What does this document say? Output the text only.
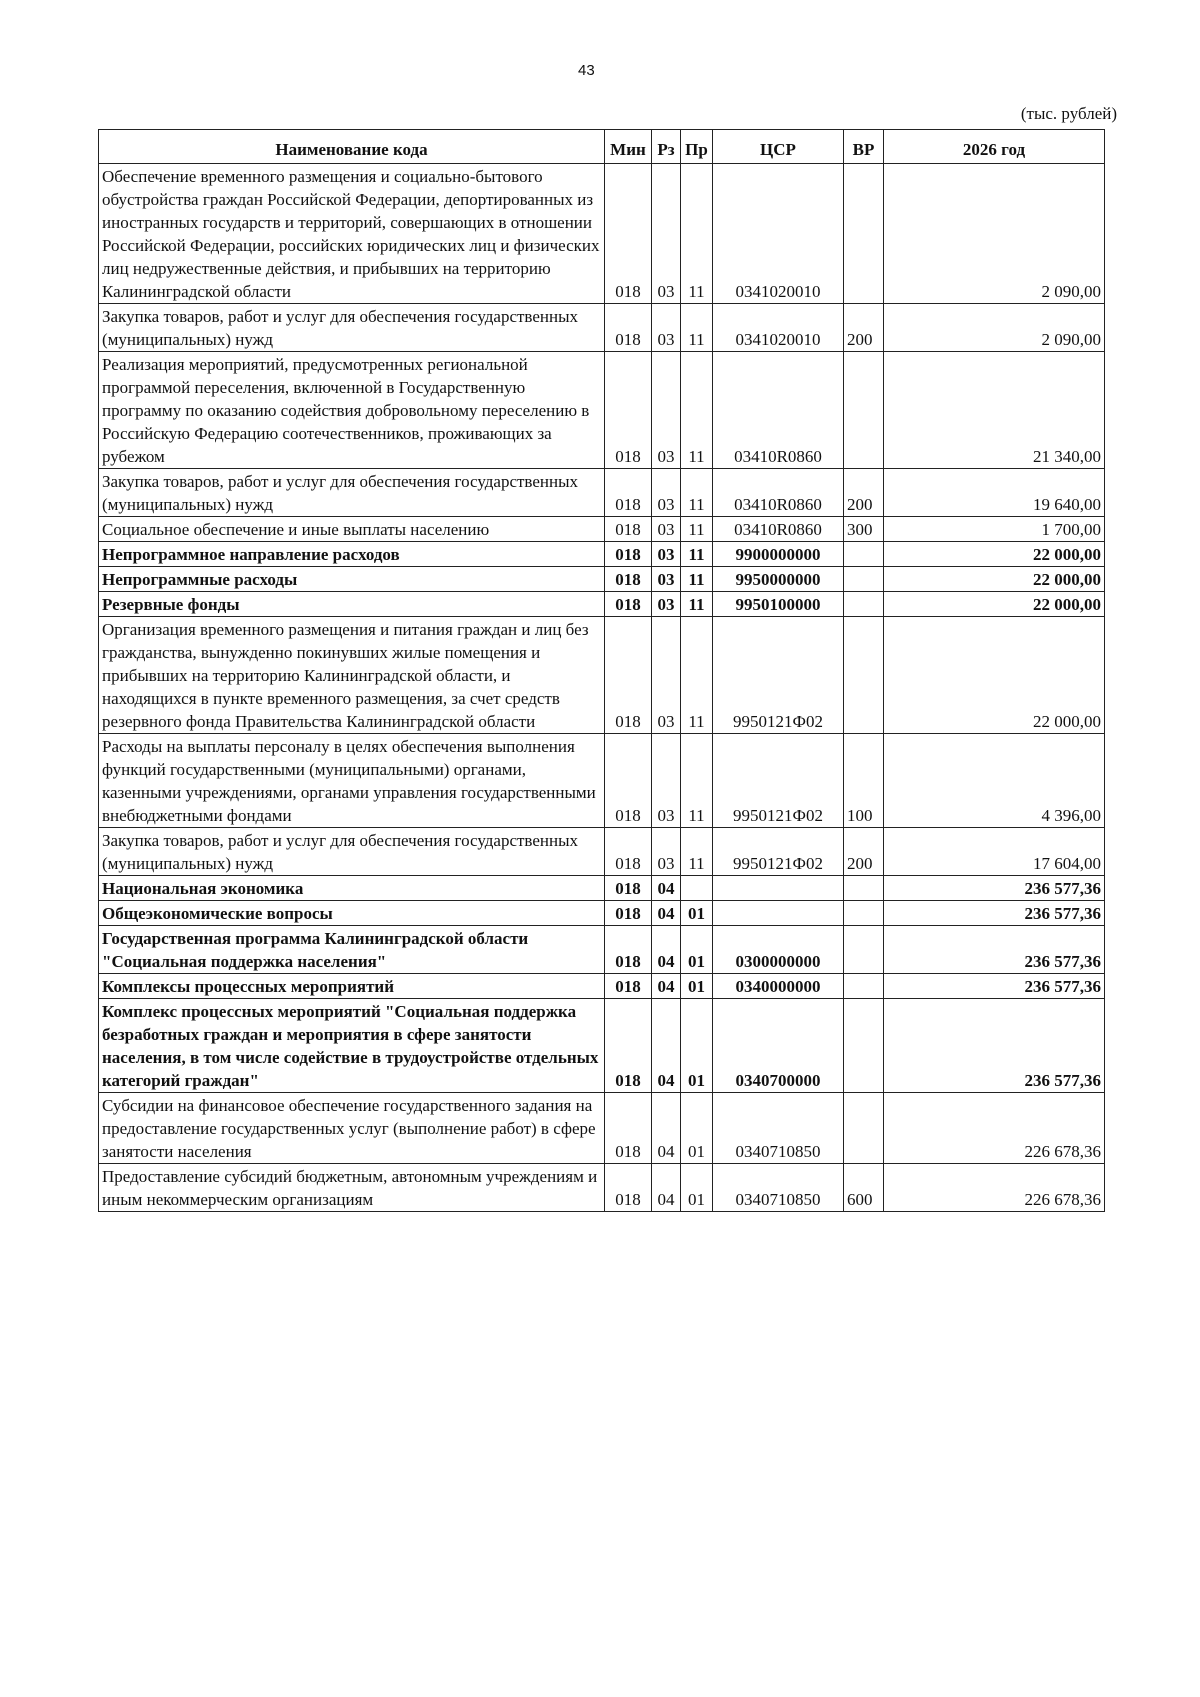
43
(тыс. рублей)
Наименование кода	Мин	Рз	Пр	ЦСР	ВР	2026 год
Обеспечение временного размещения и социально-бытового обустройства граждан Российской Федерации, депортированных из иностранных государств и территорий, совершающих в отношении Российской Федерации, российских юридических лиц и физических лиц недружественные действия, и прибывших на территорию Калининградской области	018	03	11	0341020010		2 090,00
Закупка товаров, работ и услуг для обеспечения государственных (муниципальных) нужд	018	03	11	0341020010	200	2 090,00
Реализация мероприятий, предусмотренных региональной программой переселения, включенной в Государственную программу по оказанию содействия добровольному переселению в Российскую Федерацию соотечественников, проживающих за рубежом	018	03	11	03410R0860		21 340,00
Закупка товаров, работ и услуг для обеспечения государственных (муниципальных) нужд	018	03	11	03410R0860	200	19 640,00
Социальное обеспечение и иные выплаты населению	018	03	11	03410R0860	300	1 700,00
Непрограммное направление расходов	018	03	11	9900000000		22 000,00
Непрограммные расходы	018	03	11	9950000000		22 000,00
Резервные фонды	018	03	11	9950100000		22 000,00
Организация временного размещения и питания граждан и лиц без гражданства, вынужденно покинувших жилые помещения и прибывших на территорию Калининградской области, и находящихся в пункте временного размещения, за счет средств резервного фонда Правительства Калининградской области	018	03	11	9950121Ф02		22 000,00
Расходы на выплаты персоналу в целях обеспечения выполнения функций государственными (муниципальными) органами, казенными учреждениями, органами управления государственными внебюджетными фондами	018	03	11	9950121Ф02	100	4 396,00
Закупка товаров, работ и услуг для обеспечения государственных (муниципальных) нужд	018	03	11	9950121Ф02	200	17 604,00
Национальная экономика	018	04				236 577,36
Общеэкономические вопросы	018	04	01			236 577,36
Государственная программа Калининградской области "Социальная поддержка населения"	018	04	01	0300000000		236 577,36
Комплексы процессных мероприятий	018	04	01	0340000000		236 577,36
Комплекс процессных мероприятий "Социальная поддержка безработных граждан и мероприятия в сфере занятости населения, в том числе содействие в трудоустройстве отдельных категорий граждан"	018	04	01	0340700000		236 577,36
Субсидии на финансовое обеспечение государственного задания на предоставление государственных услуг (выполнение работ) в сфере занятости населения	018	04	01	0340710850		226 678,36
Предоставление субсидий бюджетным, автономным учреждениям и иным некоммерческим организациям	018	04	01	0340710850	600	226 678,36
